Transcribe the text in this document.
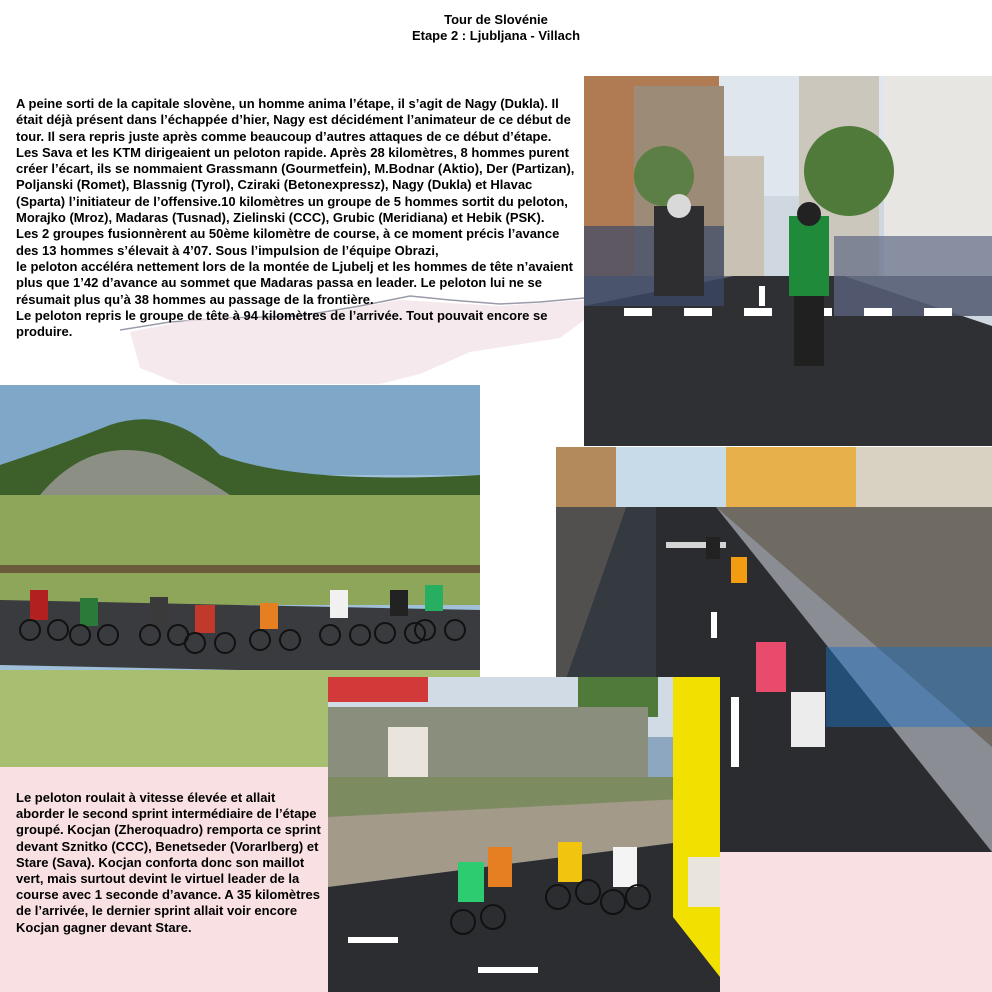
Tour de Slovénie
Etape 2 : Ljubljana - Villach

A peine sorti de la capitale slovène, un homme anima l’étape, il s’agit de Nagy (Dukla). Il était déjà présent dans l’échappée d’hier, Nagy est décidément l’animateur de ce début de tour. Il sera repris juste après comme beaucoup d’autres attaques de ce début d’étape. Les Sava et les KTM dirigeaient un peloton rapide. Après 28 kilomètres, 8 hommes purent créer l’écart, ils se nommaient Grassmann (Gourmetfein), M.Bodnar (Aktio), Der (Partizan), Poljanski (Romet), Blassnig (Tyrol), Cziraki (Betonexpressz), Nagy (Dukla) et Hlavac (Sparta) l’initiateur de l’offensive.10 kilomètres un groupe de 5 hommes sortit du peloton, Morajko (Mroz), Madaras (Tusnad), Zielinski (CCC), Grubic (Meridiana) et Hebik (PSK).

Les 2 groupes fusionnèrent au 50ème kilomètre de course, à ce moment précis l’avance des 13 hommes s’élevait à 4’07. Sous l’impulsion de l’équipe Obrazi,

le peloton accéléra nettement lors de la montée de Ljubelj et les hommes de tête n’avaient plus que 1’42 d’avance au sommet que Madaras passa en leader. Le peloton lui ne se résumait plus qu’à 38 hommes au passage de la frontière.

Le peloton repris le groupe de tête à 94 kilomètres de l’arrivée. Tout pouvait encore se produire.

Le peloton roulait à vitesse élevée et allait aborder le second sprint intermédiaire de l’étape groupé. Kocjan (Zheroquadro) remporta ce sprint devant Sznitko (CCC), Benetseder (Vorarlberg) et Stare (Sava). Kocjan conforta donc son maillot vert, mais surtout devint le virtuel leader de la course avec 1 seconde d’avance. A 35 kilomètres de l’arrivée, le dernier sprint allait voir encore Kocjan gagner devant Stare.
